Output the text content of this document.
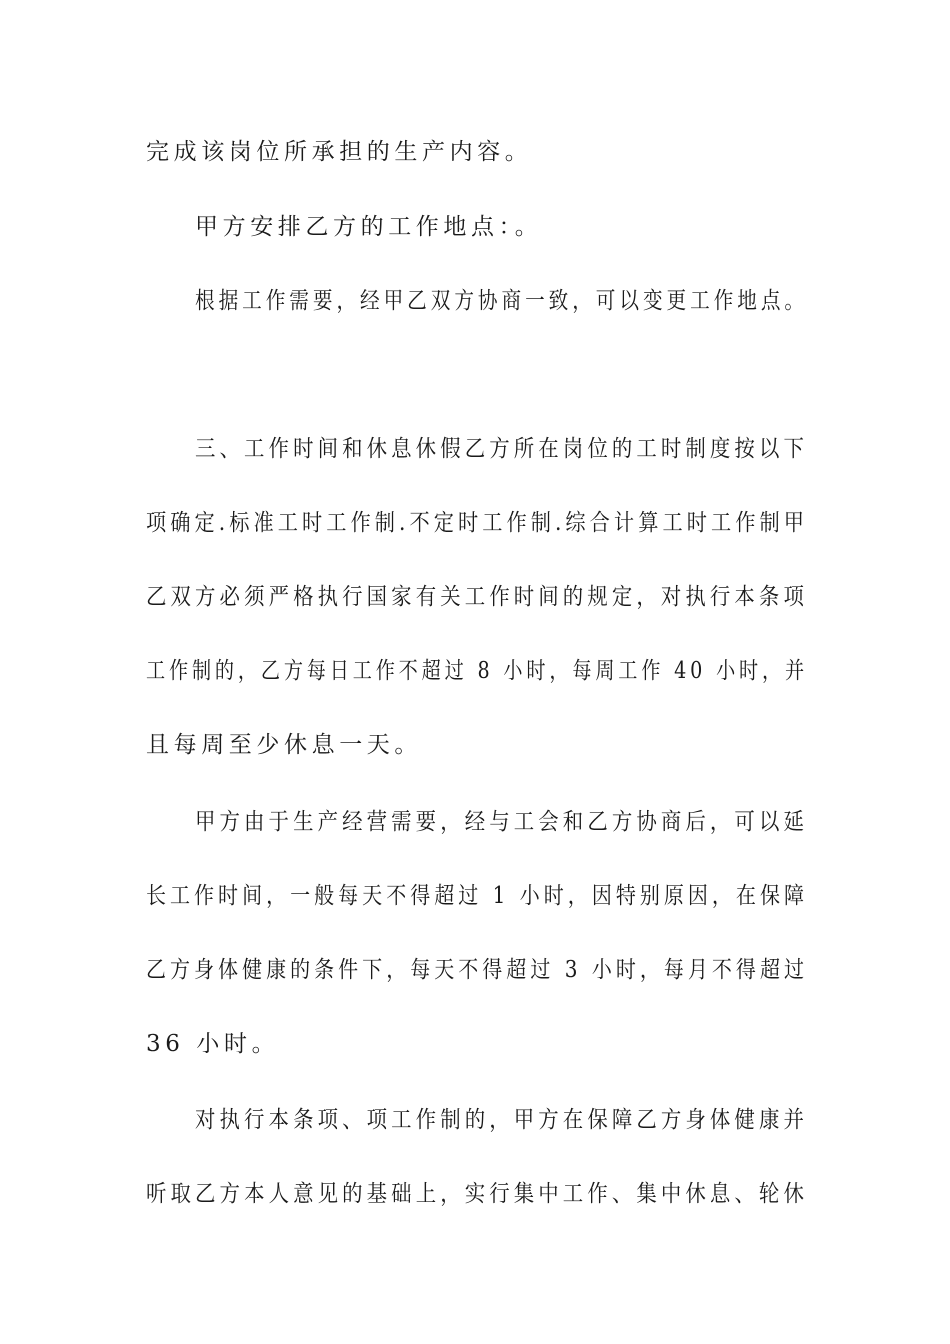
完成该岗位所承担的生产内容。
甲方安排乙方的工作地点：。
根据工作需要，经甲乙双方协商一致，可以变更工作地点。
三、工作时间和休息休假乙方所在岗位的工时制度按以下
项确定.标准工时工作制.不定时工作制.综合计算工时工作制甲
乙双方必须严格执行国家有关工作时间的规定，对执行本条项
工作制的，乙方每日工作不超过 8 小时，每周工作 40 小时，并
且每周至少休息一天。
甲方由于生产经营需要，经与工会和乙方协商后，可以延
长工作时间，一般每天不得超过 1 小时，因特别原因，在保障
乙方身体健康的条件下，每天不得超过 3 小时，每月不得超过
36 小时。
对执行本条项、项工作制的，甲方在保障乙方身体健康并
听取乙方本人意见的基础上，实行集中工作、集中休息、轮休
